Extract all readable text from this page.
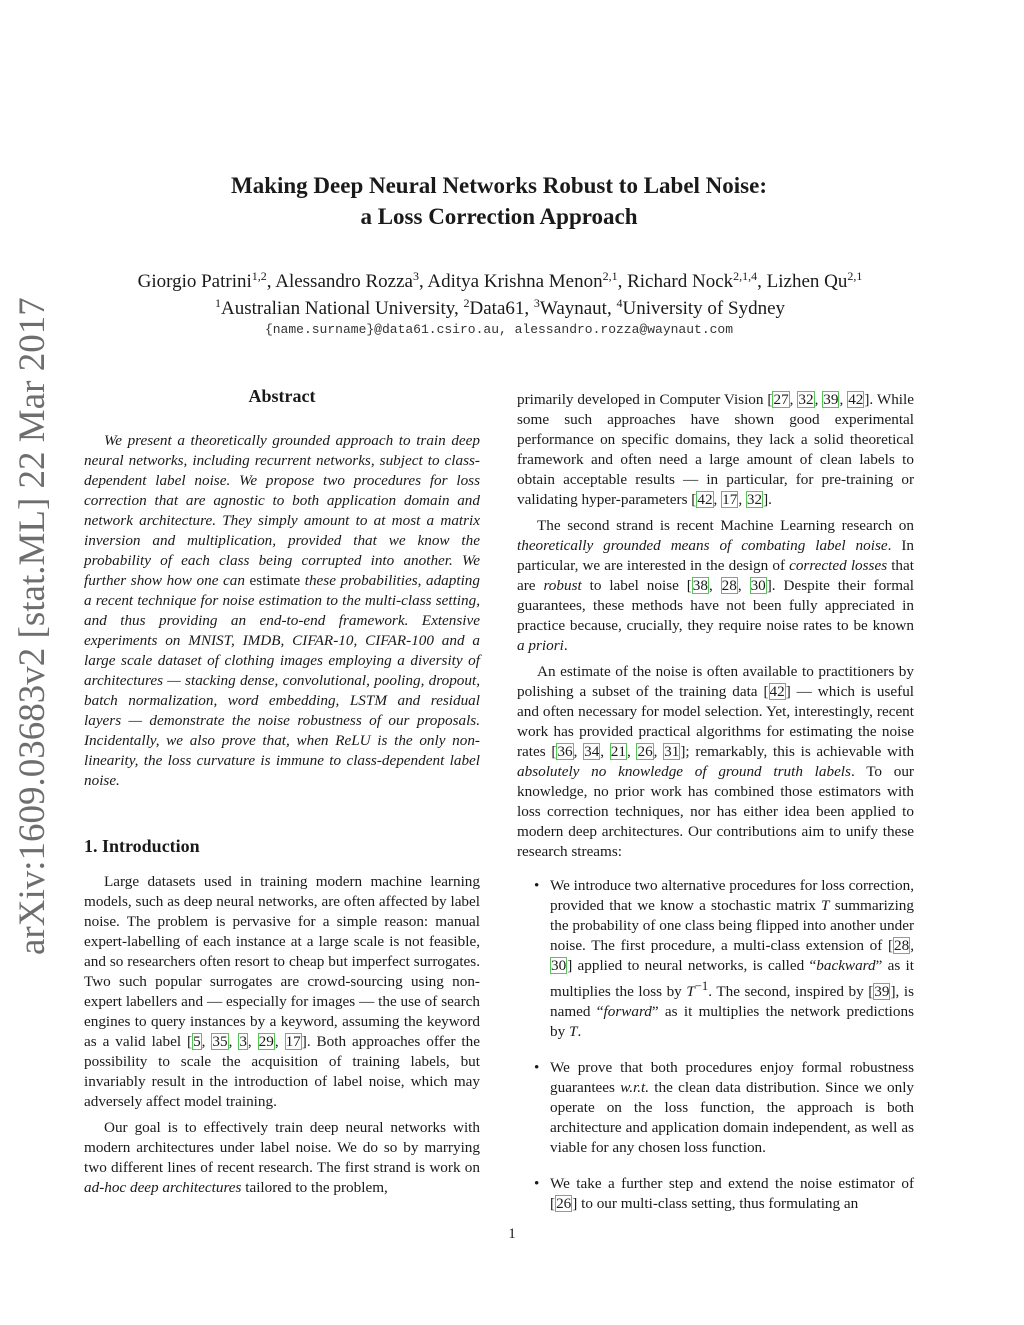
arXiv:1609.03683v2 [stat.ML] 22 Mar 2017
Making Deep Neural Networks Robust to Label Noise:
a Loss Correction Approach
Giorgio Patrini$^{1,2}$, Alessandro Rozza$^3$, Aditya Krishna Menon$^{2,1}$, Richard Nock$^{2,1,4}$, Lizhen Qu$^{2,1}$
$^1$Australian National University, $^2$Data61, $^3$Waynaut, $^4$University of Sydney
{name.surname}@data61.csiro.au, alessandro.rozza@waynaut.com
Abstract

We present a theoretically grounded approach to train deep neural networks, including recurrent networks, subject to class-dependent label noise. We propose two procedures for loss correction that are agnostic to both application domain and network architecture. They simply amount to at most a matrix inversion and multiplication, provided that we know the probability of each class being corrupted into another. We further show how one can estimate these probabilities, adapting a recent technique for noise estimation to the multi-class setting, and thus providing an end-to-end framework. Extensive experiments on MNIST, IMDB, CIFAR-10, CIFAR-100 and a large scale dataset of clothing images employing a diversity of architectures — stacking dense, convolutional, pooling, dropout, batch normalization, word embedding, LSTM and residual layers — demonstrate the noise robustness of our proposals. Incidentally, we also prove that, when ReLU is the only non-linearity, the loss curvature is immune to class-dependent label noise.

1. Introduction

Large datasets used in training modern machine learning models, such as deep neural networks, are often affected by label noise. The problem is pervasive for a simple reason: manual expert-labelling of each instance at a large scale is not feasible, and so researchers often resort to cheap but imperfect surrogates. Two such popular surrogates are crowd-sourcing using non-expert labellers and — especially for images — the use of search engines to query instances by a keyword, assuming the keyword as a valid label [5, 35, 3, 29, 17]. Both approaches offer the possibility to scale the acquisition of training labels, but invariably result in the introduction of label noise, which may adversely affect model training.

Our goal is to effectively train deep neural networks with modern architectures under label noise. We do so by marrying two different lines of recent research. The first strand is work on ad-hoc deep architectures tailored to the problem,

primarily developed in Computer Vision [27, 32, 39, 42]. While some such approaches have shown good experimental performance on specific domains, they lack a solid theoretical framework and often need a large amount of clean labels to obtain acceptable results — in particular, for pre-training or validating hyper-parameters [42, 17, 32].

The second strand is recent Machine Learning research on theoretically grounded means of combating label noise. In particular, we are interested in the design of corrected losses that are robust to label noise [38, 28, 30]. Despite their formal guarantees, these methods have not been fully appreciated in practice because, crucially, they require noise rates to be known a priori.

An estimate of the noise is often available to practitioners by polishing a subset of the training data [42] — which is useful and often necessary for model selection. Yet, interestingly, recent work has provided practical algorithms for estimating the noise rates [36, 34, 21, 26, 31]; remarkably, this is achievable with absolutely no knowledge of ground truth labels. To our knowledge, no prior work has combined those estimators with loss correction techniques, nor has either idea been applied to modern deep architectures. Our contributions aim to unify these research streams:

• We introduce two alternative procedures for loss correction, provided that we know a stochastic matrix T summarizing the probability of one class being flipped into another under noise. The first procedure, a multi-class extension of [28, 30] applied to neural networks, is called “backward” as it multiplies the loss by $T^{-1}$. The second, inspired by [39], is named “forward” as it multiplies the network predictions by T.
• We prove that both procedures enjoy formal robustness guarantees w.r.t. the clean data distribution. Since we only operate on the loss function, the approach is both architecture and application domain independent, as well as viable for any chosen loss function.
• We take a further step and extend the noise estimator of [26] to our multi-class setting, thus formulating an
1
